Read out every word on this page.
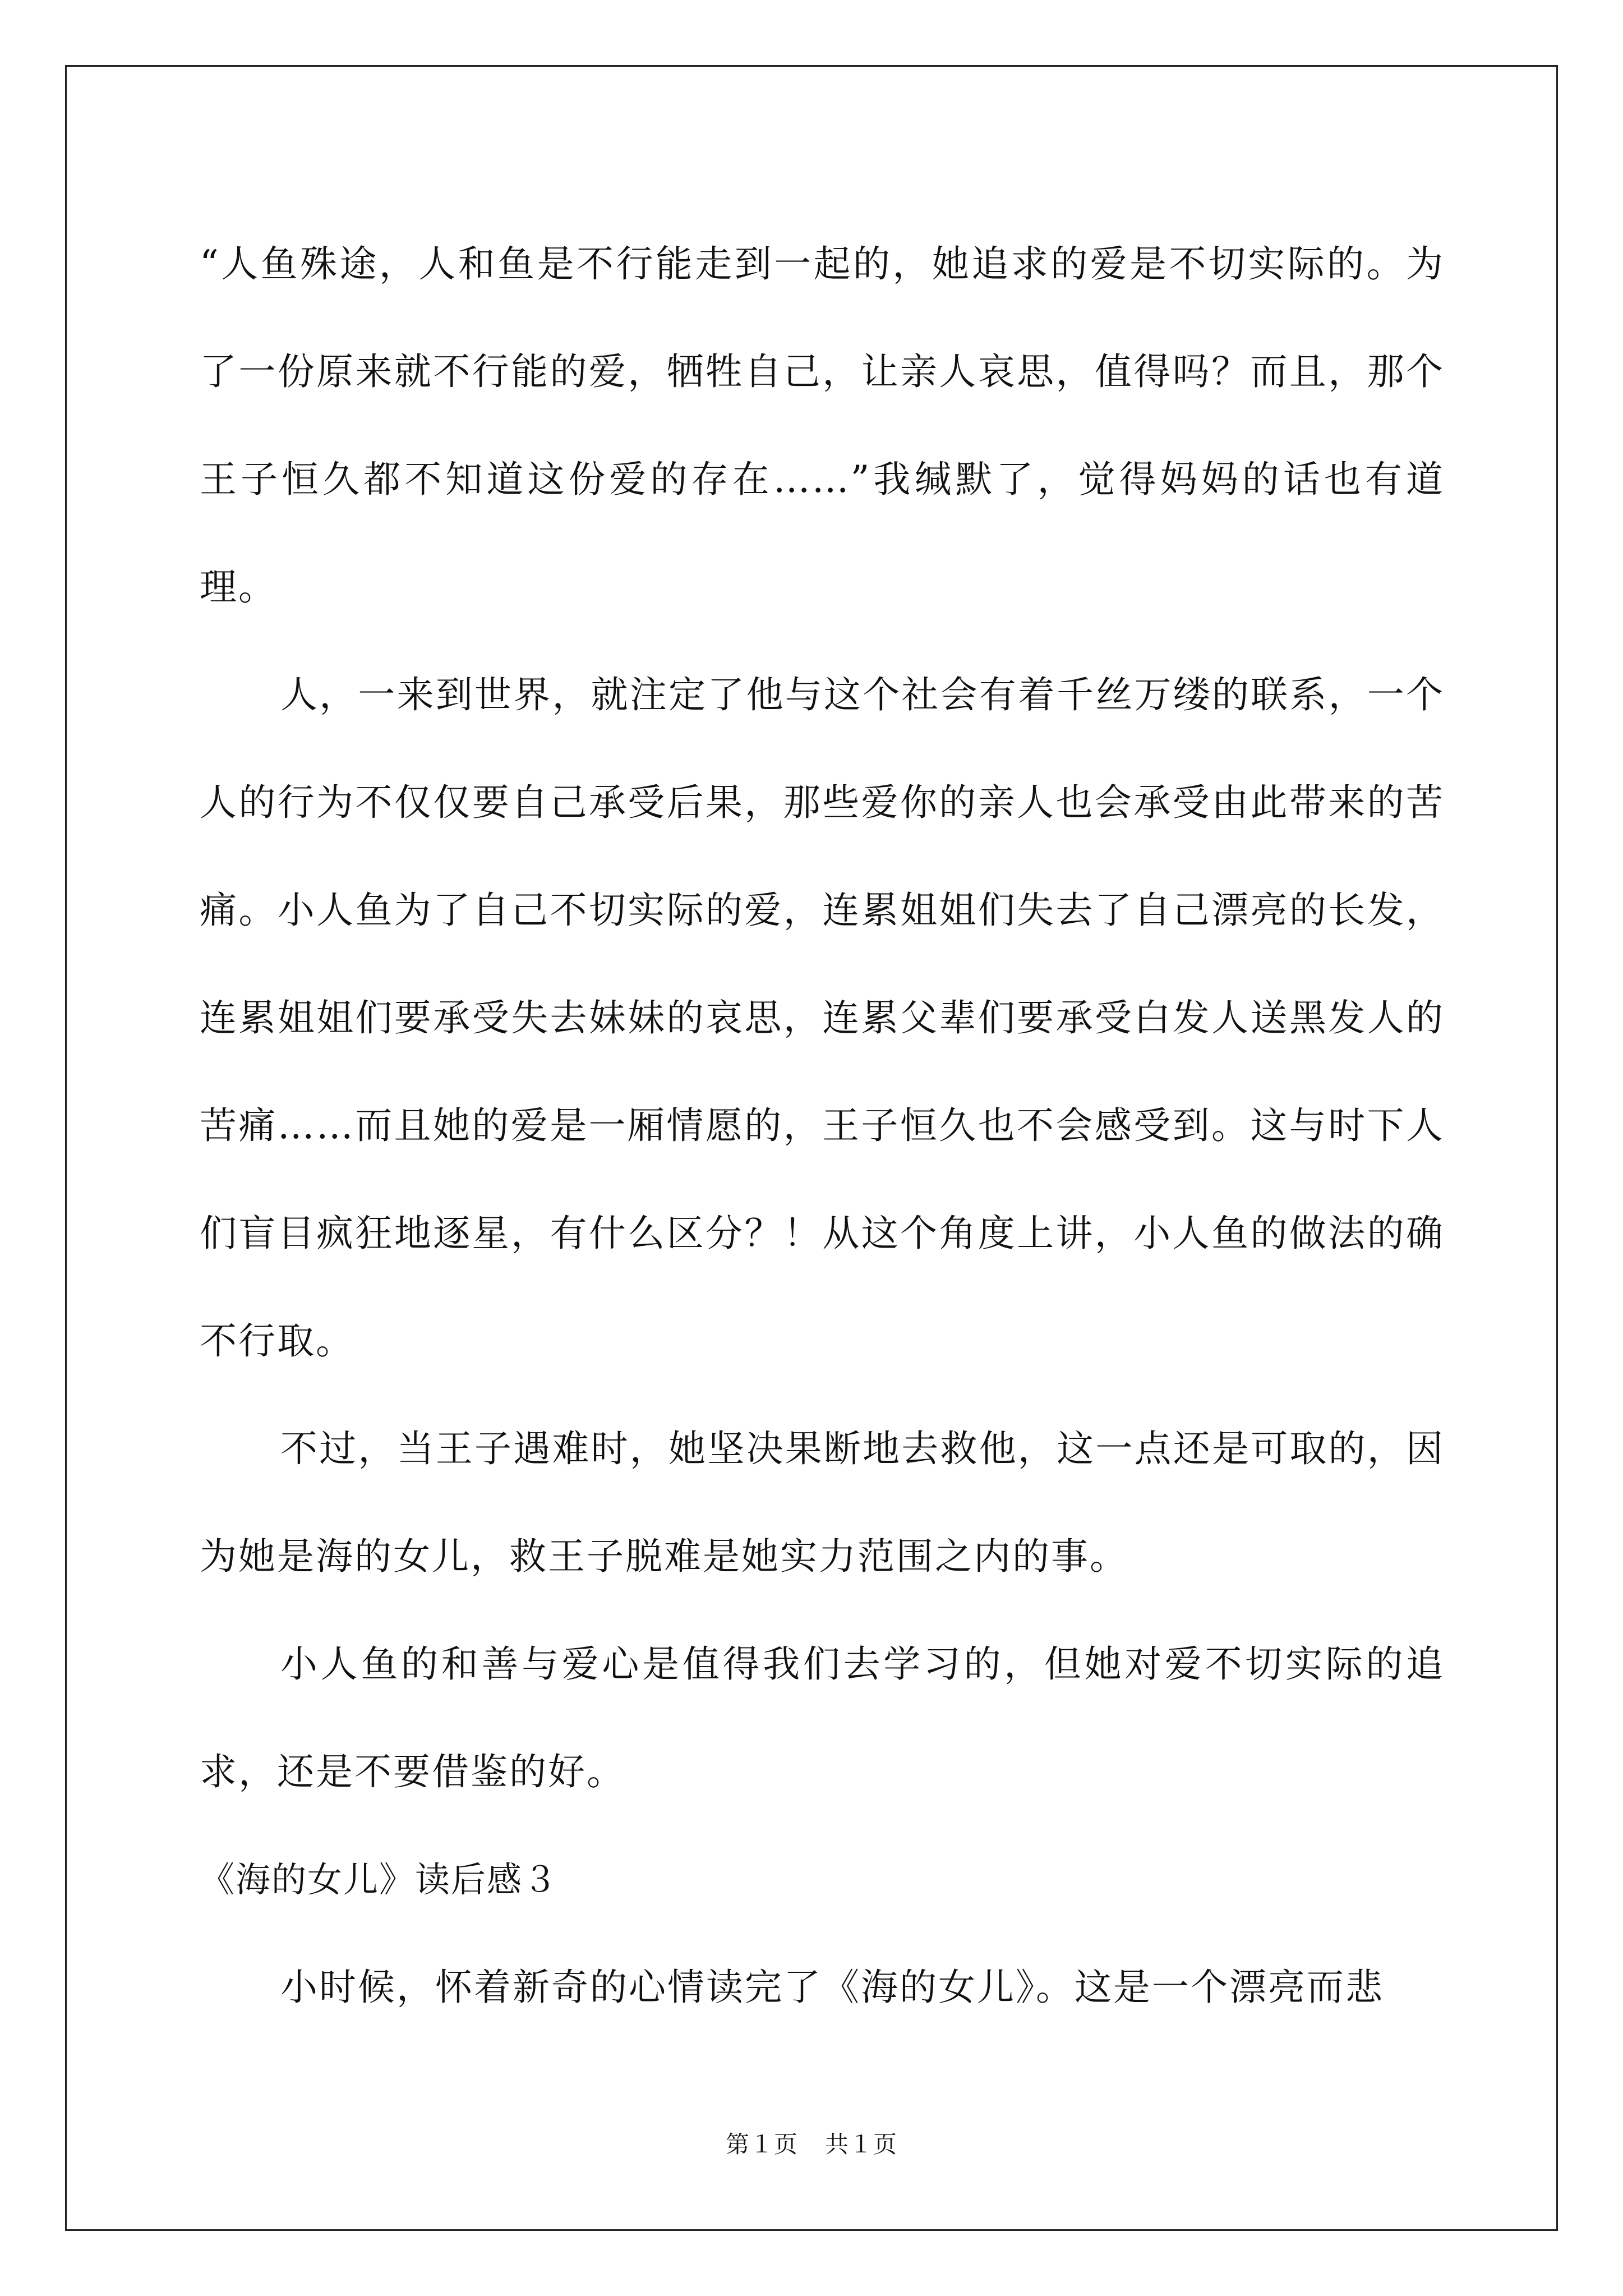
“人鱼殊途，人和鱼是不行能走到一起的，她追求的爱是不切实际的。为了一份原来就不行能的爱，牺牲自己，让亲人哀思，值得吗？而且，那个王子恒久都不知道这份爱的存在……”我缄默了，觉得妈妈的话也有道理。

人，一来到世界，就注定了他与这个社会有着千丝万缕的联系，一个人的行为不仅仅要自己承受后果，那些爱你的亲人也会承受由此带来的苦痛。小人鱼为了自己不切实际的爱，连累姐姐们失去了自己漂亮的长发，连累姐姐们要承受失去妹妹的哀思，连累父辈们要承受白发人送黑发人的苦痛……而且她的爱是一厢情愿的，王子恒久也不会感受到。这与时下人们盲目疯狂地逐星，有什么区分？！从这个角度上讲，小人鱼的做法的确不行取。

不过，当王子遇难时，她坚决果断地去救他，这一点还是可取的，因为她是海的女儿，救王子脱难是她实力范围之内的事。

小人鱼的和善与爱心是值得我们去学习的，但她对爱不切实际的追求，还是不要借鉴的好。

《海的女儿》读后感３

小时候，怀着新奇的心情读完了《海的女儿》。这是一个漂亮而悲

第１页 共１页
